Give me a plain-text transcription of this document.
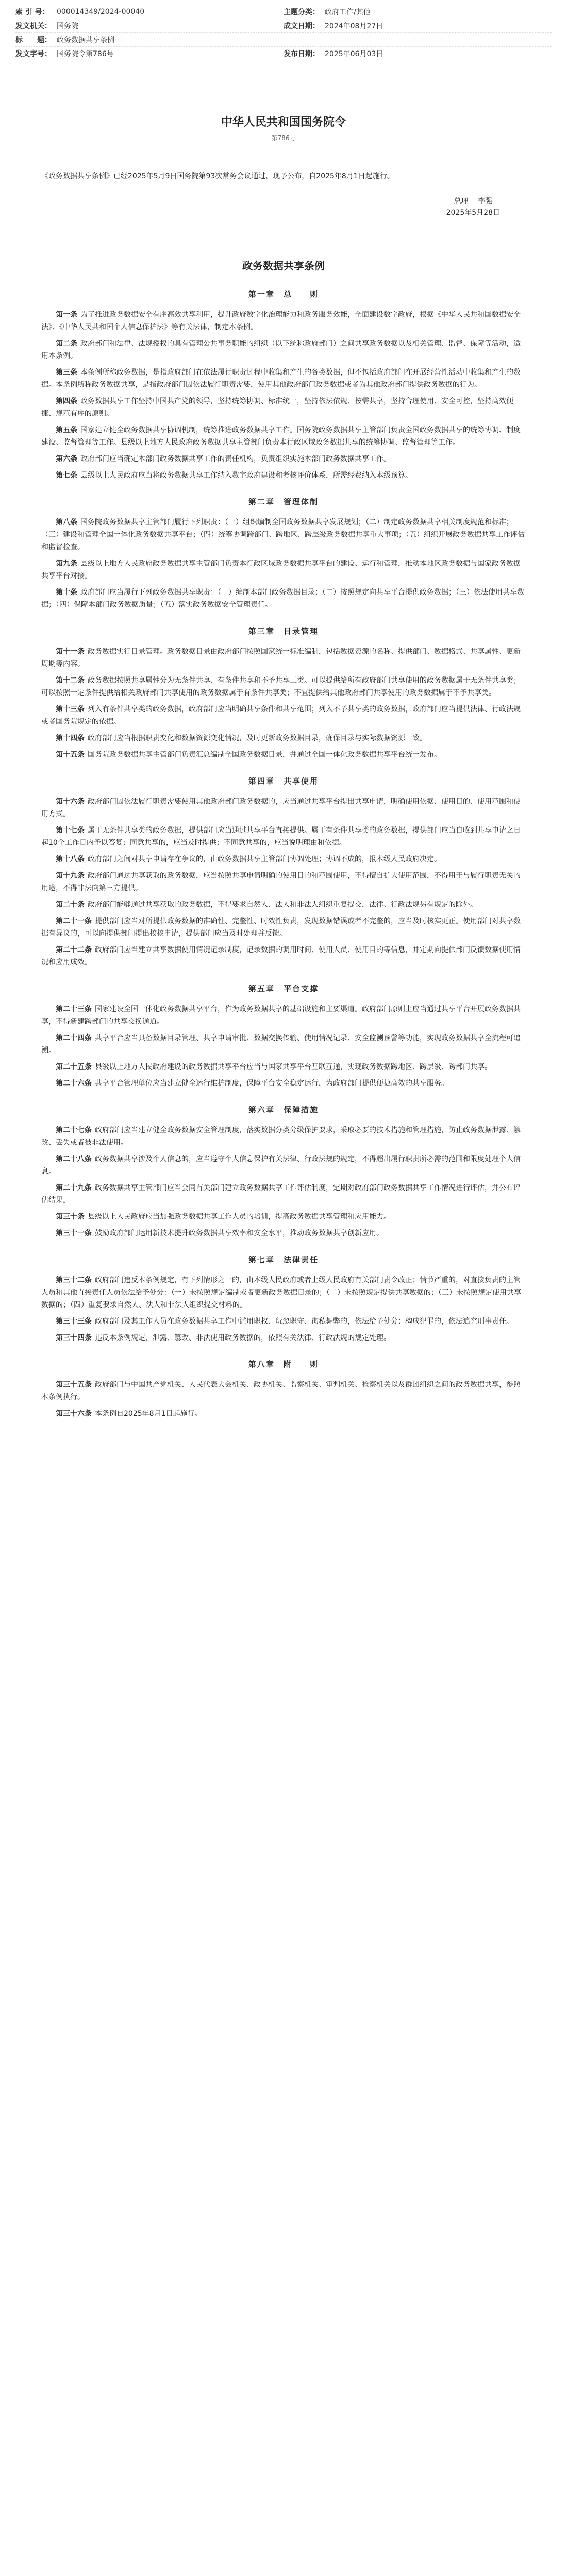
索 引 号：	000014349/2024-00040	主题分类： 政府工作/其他
发文机关： 国务院	成文日期： 2024年08月27日
标　　题： 政务数据共享条例
发文字号： 国务院令第786号	发布日期： 2025年06月03日
中华人民共和国国务院令
第786号
《政务数据共享条例》已经2025年5月9日国务院第93次常务会议通过，现予公布，自2025年8月1日起施行。
总理　 李强
2025年5月28日
政务数据共享条例
第一章　总　　则
第一条 为了推进政务数据安全有序高效共享利用，提升政府数字化治理能力和政务服务效能，全面建设数字政府，根据《中华人民共和国数据安全法》、《中华人民共和国个人信息保护法》等有关法律，制定本条例。
第二条 政府部门和法律、法规授权的具有管理公共事务职能的组织（以下统称政府部门）之间共享政务数据以及相关管理、监督、保障等活动，适用本条例。
第三条 本条例所称政务数据，是指政府部门在依法履行职责过程中收集和产生的各类数据，但不包括政府部门在开展经营性活动中收集和产生的数据。本条例所称政务数据共享，是指政府部门因依法履行职责需要，使用其他政府部门政务数据或者为其他政府部门提供政务数据的行为。
第四条 政务数据共享工作坚持中国共产党的领导，坚持统筹协调、标准统一，坚持依法依规、按需共享，坚持合理使用、安全可控，坚持高效便捷、规范有序的原则。
第五条 国家建立健全政务数据共享协调机制，统筹推进政务数据共享工作。国务院政务数据共享主管部门负责全国政务数据共享的统筹协调、制度建设、监督管理等工作。县级以上地方人民政府政务数据共享主管部门负责本行政区域政务数据共享的统筹协调、监督管理等工作。
第六条 政府部门应当确定本部门政务数据共享工作的责任机构，负责组织实施本部门政务数据共享工作。
第七条 县级以上人民政府应当将政务数据共享工作纳入数字政府建设和考核评价体系，所需经费纳入本级预算。
第二章　管理体制
第八条 国务院政务数据共享主管部门履行下列职责：（一）组织编制全国政务数据共享发展规划；（二）制定政务数据共享相关制度规范和标准；（三）建设和管理全国一体化政务数据共享平台；（四）统筹协调跨部门、跨地区、跨层级政务数据共享重大事项；（五）组织开展政务数据共享工作评估和监督检查。
第九条 县级以上地方人民政府政务数据共享主管部门负责本行政区域政务数据共享平台的建设、运行和管理，推动本地区政务数据与国家政务数据共享平台对接。
第十条 政府部门应当履行下列政务数据共享职责：（一）编制本部门政务数据目录；（二）按照规定向共享平台提供政务数据；（三）依法使用共享数据；（四）保障本部门政务数据质量；（五）落实政务数据安全管理责任。
第三章　目录管理
第十一条 政务数据实行目录管理。政务数据目录由政府部门按照国家统一标准编制，包括数据资源的名称、提供部门、数据格式、共享属性、更新周期等内容。
第十二条 政务数据按照共享属性分为无条件共享、有条件共享和不予共享三类。可以提供给所有政府部门共享使用的政务数据属于无条件共享类；可以按照一定条件提供给相关政府部门共享使用的政务数据属于有条件共享类；不宜提供给其他政府部门共享使用的政务数据属于不予共享类。
第十三条 列入有条件共享类的政务数据，政府部门应当明确共享条件和共享范围；列入不予共享类的政务数据，政府部门应当提供法律、行政法规或者国务院规定的依据。
第十四条 政府部门应当根据职责变化和数据资源变化情况，及时更新政务数据目录，确保目录与实际数据资源一致。
第十五条 国务院政务数据共享主管部门负责汇总编制全国政务数据目录，并通过全国一体化政务数据共享平台统一发布。
第四章　共享使用
第十六条 政府部门因依法履行职责需要使用其他政府部门政务数据的，应当通过共享平台提出共享申请，明确使用依据、使用目的、使用范围和使用方式。
第十七条 属于无条件共享类的政务数据，提供部门应当通过共享平台直接提供。属于有条件共享类的政务数据，提供部门应当自收到共享申请之日起10个工作日内予以答复；同意共享的，应当及时提供；不同意共享的，应当说明理由和依据。
第十八条 政府部门之间对共享申请存在争议的，由政务数据共享主管部门协调处理；协调不成的，报本级人民政府决定。
第十九条 政府部门通过共享获取的政务数据，应当按照共享申请明确的使用目的和范围使用，不得擅自扩大使用范围，不得用于与履行职责无关的用途，不得非法向第三方提供。
第二十条 政府部门能够通过共享获取的政务数据，不得要求自然人、法人和非法人组织重复提交，法律、行政法规另有规定的除外。
第二十一条 提供部门应当对所提供政务数据的准确性、完整性、时效性负责，发现数据错误或者不完整的，应当及时核实更正。使用部门对共享数据有异议的，可以向提供部门提出校核申请，提供部门应当及时处理并反馈。
第二十二条 政府部门应当建立共享数据使用情况记录制度，记录数据的调用时间、使用人员、使用目的等信息，并定期向提供部门反馈数据使用情况和应用成效。
第五章　平台支撑
第二十三条 国家建设全国一体化政务数据共享平台，作为政务数据共享的基础设施和主要渠道。政府部门原则上应当通过共享平台开展政务数据共享，不得新建跨部门的共享交换通道。
第二十四条 共享平台应当具备数据目录管理、共享申请审批、数据交换传输、使用情况记录、安全监测预警等功能，实现政务数据共享全流程可追溯。
第二十五条 县级以上地方人民政府建设的政务数据共享平台应当与国家共享平台互联互通，实现政务数据跨地区、跨层级、跨部门共享。
第二十六条 共享平台管理单位应当建立健全运行维护制度，保障平台安全稳定运行，为政府部门提供便捷高效的共享服务。
第六章　保障措施
第二十七条 政府部门应当建立健全政务数据安全管理制度，落实数据分类分级保护要求，采取必要的技术措施和管理措施，防止政务数据泄露、篡改、丢失或者被非法使用。
第二十八条 政务数据共享涉及个人信息的，应当遵守个人信息保护有关法律、行政法规的规定，不得超出履行职责所必需的范围和限度处理个人信息。
第二十九条 政务数据共享主管部门应当会同有关部门建立政务数据共享工作评估制度，定期对政府部门政务数据共享工作情况进行评估，并公布评估结果。
第三十条 县级以上人民政府应当加强政务数据共享工作人员的培训，提高政务数据共享管理和应用能力。
第三十一条 鼓励政府部门运用新技术提升政务数据共享效率和安全水平，推动政务数据共享创新应用。
第七章　法律责任
第三十二条 政府部门违反本条例规定，有下列情形之一的，由本级人民政府或者上级人民政府有关部门责令改正；情节严重的，对直接负责的主管人员和其他直接责任人员依法给予处分：（一）未按照规定编制或者更新政务数据目录的；（二）未按照规定提供共享数据的；（三）未按照规定使用共享数据的；（四）重复要求自然人、法人和非法人组织提交材料的。
第三十三条 政府部门及其工作人员在政务数据共享工作中滥用职权、玩忽职守、徇私舞弊的，依法给予处分；构成犯罪的，依法追究刑事责任。
第三十四条 违反本条例规定，泄露、篡改、非法使用政务数据的，依照有关法律、行政法规的规定处理。
第八章　附　　则
第三十五条 政府部门与中国共产党机关、人民代表大会机关、政协机关、监察机关、审判机关、检察机关以及群团组织之间的政务数据共享，参照本条例执行。
第三十六条 本条例自2025年8月1日起施行。
